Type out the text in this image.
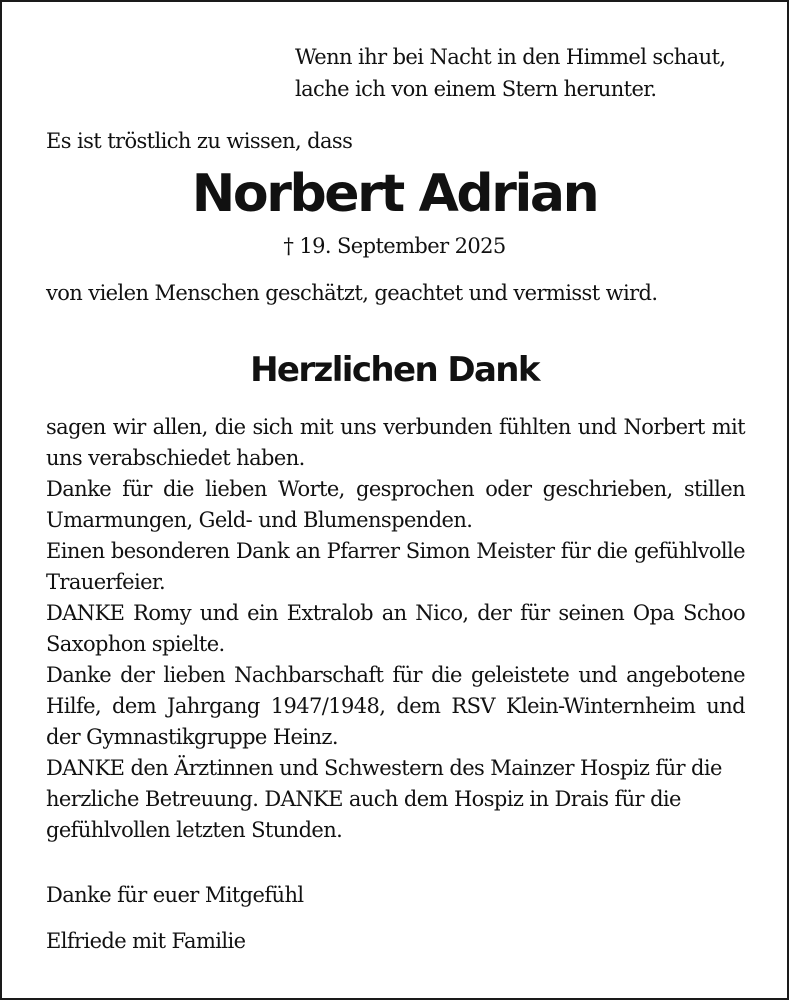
Wenn ihr bei Nacht in den Himmel schaut,
lache ich von einem Stern herunter.
Es ist tröstlich zu wissen, dass
Norbert Adrian
† 19. September 2025
von vielen Menschen geschätzt, geachtet und vermisst wird.
Herzlichen Dank

sagen wir allen, die sich mit uns verbunden fühlten und Norbert mit uns verabschiedet haben.

Danke für die lieben Worte, gesprochen oder geschrieben, stillen Umarmungen, Geld- und Blumenspenden.

Einen besonderen Dank an Pfarrer Simon Meister für die gefühlvolle Trauerfeier.

DANKE Romy und ein Extralob an Nico, der für seinen Opa Schoo Saxophon spielte.

Danke der lieben Nachbarschaft für die geleistete und angebotene Hilfe, dem Jahrgang 1947/1948, dem RSV Klein-Winternheim und der Gymnastikgruppe Heinz.

DANKE den Ärztinnen und Schwestern des Mainzer Hospiz für die herzliche Betreuung. DANKE auch dem Hospiz in Drais für die gefühlvollen letzten Stunden.

Danke für euer Mitgefühl
Elfriede mit Familie
